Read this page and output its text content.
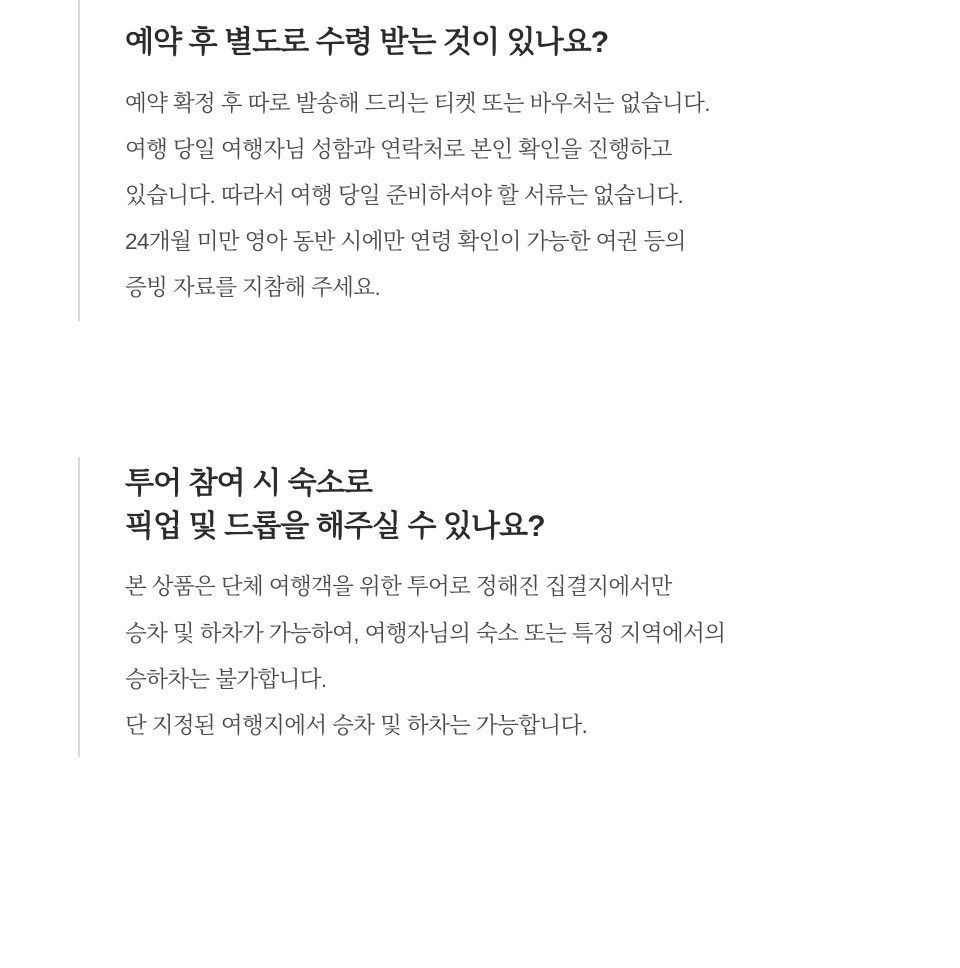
예약 후 별도로 수령 받는 것이 있나요?
예약 확정 후 따로 발송해 드리는 티켓 또는 바우처는 없습니다.
여행 당일 여행자님 성함과 연락처로 본인 확인을 진행하고
있습니다. 따라서 여행 당일 준비하셔야 할 서류는 없습니다.
24개월 미만 영아 동반 시에만 연령 확인이 가능한 여권 등의
증빙 자료를 지참해 주세요.
투어 참여 시 숙소로
픽업 및 드롭을 해주실 수 있나요?
본 상품은 단체 여행객을 위한 투어로 정해진 집결지에서만
승차 및 하차가 가능하여, 여행자님의 숙소 또는 특정 지역에서의
승하차는 불가합니다.
단 지정된 여행지에서 승차 및 하차는 가능합니다.
